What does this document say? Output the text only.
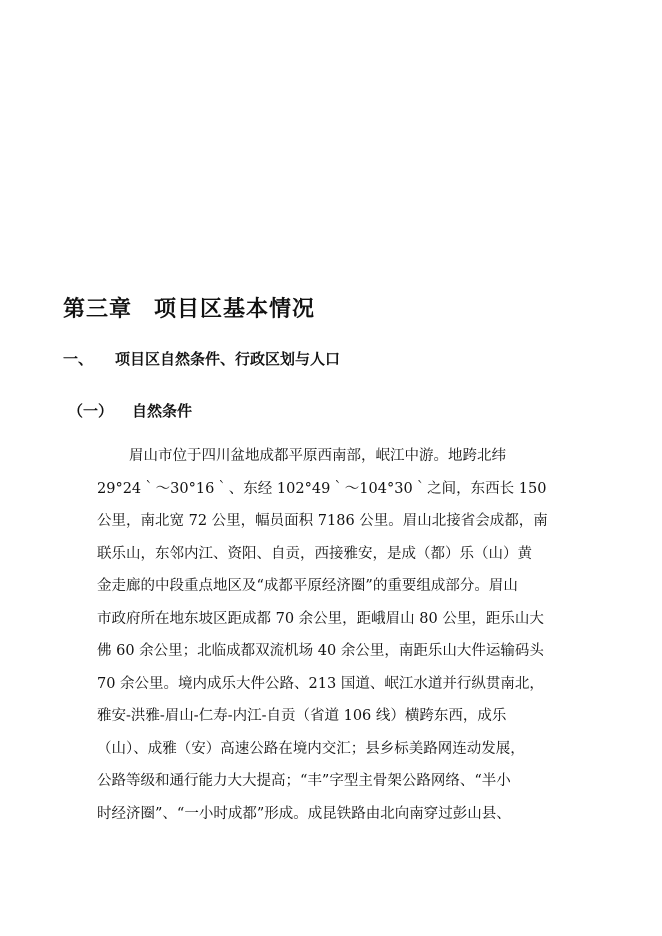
第三章 项目区基本情况
一、 项目区自然条件、行政区划与人口
（一） 自然条件
眉山市位于四川盆地成都平原西南部，岷江中游。地跨北纬
29°24｀～30°16｀、东经 102°49｀～104°30｀之间，东西长 150
公里，南北宽 72 公里，幅员面积 7186 公里。眉山北接省会成都，南
联乐山，东邻内江、资阳、自贡，西接雅安，是成（都）乐（山）黄
金走廊的中段重点地区及“成都平原经济圈”的重要组成部分。眉山
市政府所在地东坡区距成都 70 余公里，距峨眉山 80 公里，距乐山大
佛 60 余公里；北临成都双流机场 40 余公里，南距乐山大件运输码头
70 余公里。境内成乐大件公路、213 国道、岷江水道并行纵贯南北，
雅安-洪雅-眉山-仁寿-内江-自贡（省道 106 线）横跨东西，成乐
（山）、成雅（安）高速公路在境内交汇；县乡标美路网连动发展，
公路等级和通行能力大大提高；“丰”字型主骨架公路网络、“半小
时经济圈”、“一小时成都”形成。成昆铁路由北向南穿过彭山县、
